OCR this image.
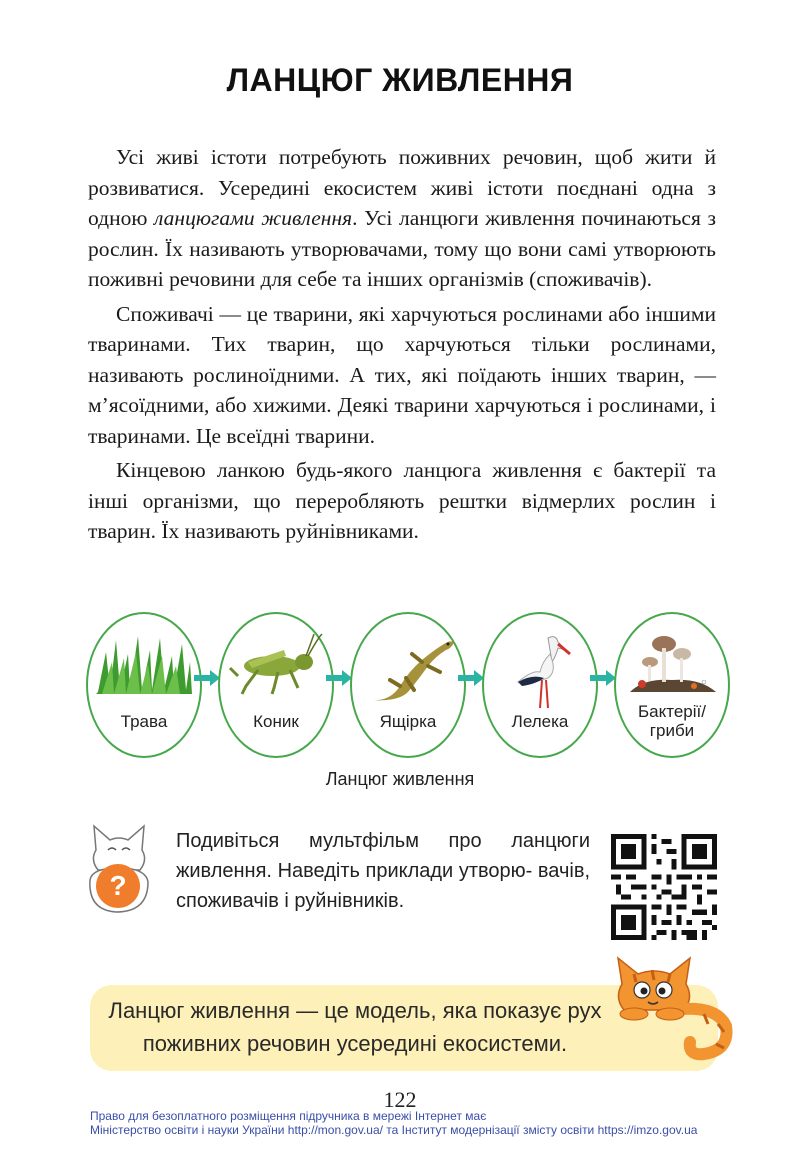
ЛАНЦЮГ ЖИВЛЕННЯ

Усі живі істоти потребують поживних речовин, щоб жити й розвиватися. Усередині екосистем живі істоти поєднані одна з одною ланцюгами живлення. Усі ланцюги живлення починаються з рослин. Їх називають утворювачами, тому що вони самі утворюють поживні речовини для себе та інших організмів (споживачів).

Споживачі — це тварини, які харчуються рослинами або іншими тваринами. Тих тварин, що харчуються тільки рослинами, називають рослиноїдними. А тих, які поїдають інших тварин, — м’ясоїдними, або хижими. Деякі тварини харчуються і рослинами, і тваринами. Це всеїдні тварини.

Кінцевою ланкою будь-якого ланцюга живлення є бактерії та інші організми, що переробляють рештки відмерлих рослин і тварин. Їх називають руйнівниками.

Трава	Коник	Ящірка	Лелека
Бактерії/
гриби
Ланцюг живлення
?
Подивіться мультфільм про ланцюги живлення. Наведіть приклади утворю- вачів, споживачів і руйнівників.
Ланцюг живлення — це модель, яка показує рух поживних речовин усередині екосистеми.
122
Право для безоплатного розміщення підручника в мережі Інтернет має
Міністерство освіти і науки України http://mon.gov.ua/ та Інститут модернізації змісту освіти https://imzo.gov.ua
